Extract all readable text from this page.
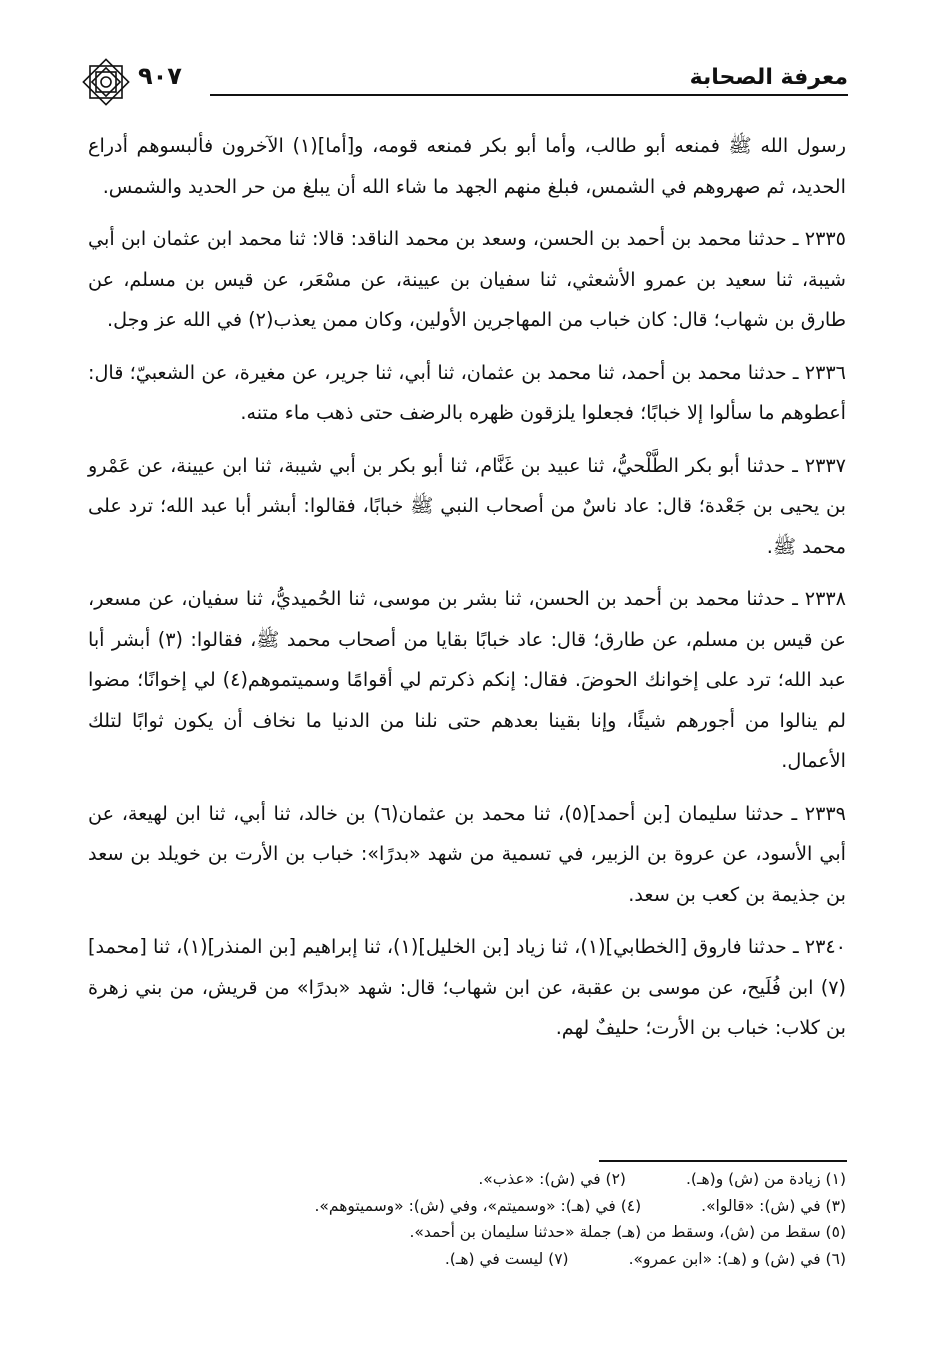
معرفة الصحابة
٩٠٧

رسول الله ﷺ فمنعه أبو طالب، وأما أبو بكر فمنعه قومه، و[أما](١) الآخرون فألبسوهم أدراع الحديد، ثم صهروهم في الشمس، فبلغ منهم الجهد ما شاء الله أن يبلغ من حر الحديد والشمس.

٢٣٣٥ ـ حدثنا محمد بن أحمد بن الحسن، وسعد بن محمد الناقد: قالا: ثنا محمد ابن عثمان ابن أبي شيبة، ثنا سعيد بن عمرو الأشعثي، ثنا سفيان بن عيينة، عن مسْعَر، عن قيس بن مسلم، عن طارق بن شهاب؛ قال: كان خباب من المهاجرين الأولين، وكان ممن يعذب(٢) في الله عز وجل.

٢٣٣٦ ـ حدثنا محمد بن أحمد، ثنا محمد بن عثمان، ثنا أبي، ثنا جرير، عن مغيرة، عن الشعبيّ؛ قال: أعطوهم ما سألوا إلا خبابًا؛ فجعلوا يلزقون ظهره بالرضف حتى ذهب ماء متنه.

٢٣٣٧ ـ حدثنا أبو بكر الطَّلْحيُّ، ثنا عبيد بن غَنَّام، ثنا أبو بكر بن أبي شيبة، ثنا ابن عيينة، عن عَمْرو بن يحيى بن جَعْدة؛ قال: عاد ناسٌ من أصحاب النبي ﷺ خبابًا، فقالوا: أبشر أبا عبد الله؛ ترد على محمد ﷺ.

٢٣٣٨ ـ حدثنا محمد بن أحمد بن الحسن، ثنا بشر بن موسى، ثنا الحُميديُّ، ثنا سفيان، عن مسعر، عن قيس بن مسلم، عن طارق؛ قال: عاد خبابًا بقايا من أصحاب محمد ﷺ، فقالوا: (٣) أبشر أبا عبد الله؛ ترد على إخوانك الحوضَ. فقال: إنكم ذكرتم لي أقوامًا وسميتموهم(٤) لي إخوانًا؛ مضوا لم ينالوا من أجورهم شيئًا، وإنا بقينا بعدهم حتى نلنا من الدنيا ما نخاف أن يكون ثوابًا لتلك الأعمال.

٢٣٣٩ ـ حدثنا سليمان [بن أحمد](٥)، ثنا محمد بن عثمان(٦) بن خالد، ثنا أبي، ثنا ابن لهيعة، عن أبي الأسود، عن عروة بن الزبير، في تسمية من شهد «بدرًا»: خباب بن الأرت بن خويلد بن سعد بن جذيمة بن كعب بن سعد.

٢٣٤٠ ـ حدثنا فاروق [الخطابي](١)، ثنا زياد [بن الخليل](١)، ثنا إبراهيم [بن المنذر](١)، ثنا [محمد](٧) ابن فُلَيح، عن موسى بن عقبة، عن ابن شهاب؛ قال: شهد «بدرًا» من قريش، من بني زهرة بن كلاب: خباب بن الأرت؛ حليفٌ لهم.

(١) زيادة من (ش) و(هـ).
(٢) في (ش): «عذب».
(٣) في (ش): «قالوا».
(٤) في (هـ): «وسميتم»، وفي (ش): «وسميتوهم».
(٥) سقط من (ش)، وسقط من (هـ) جملة «حدثنا سليمان بن أحمد».
(٦) في (ش) و (هـ): «ابن عمرو».
(٧) ليست في (هـ).
